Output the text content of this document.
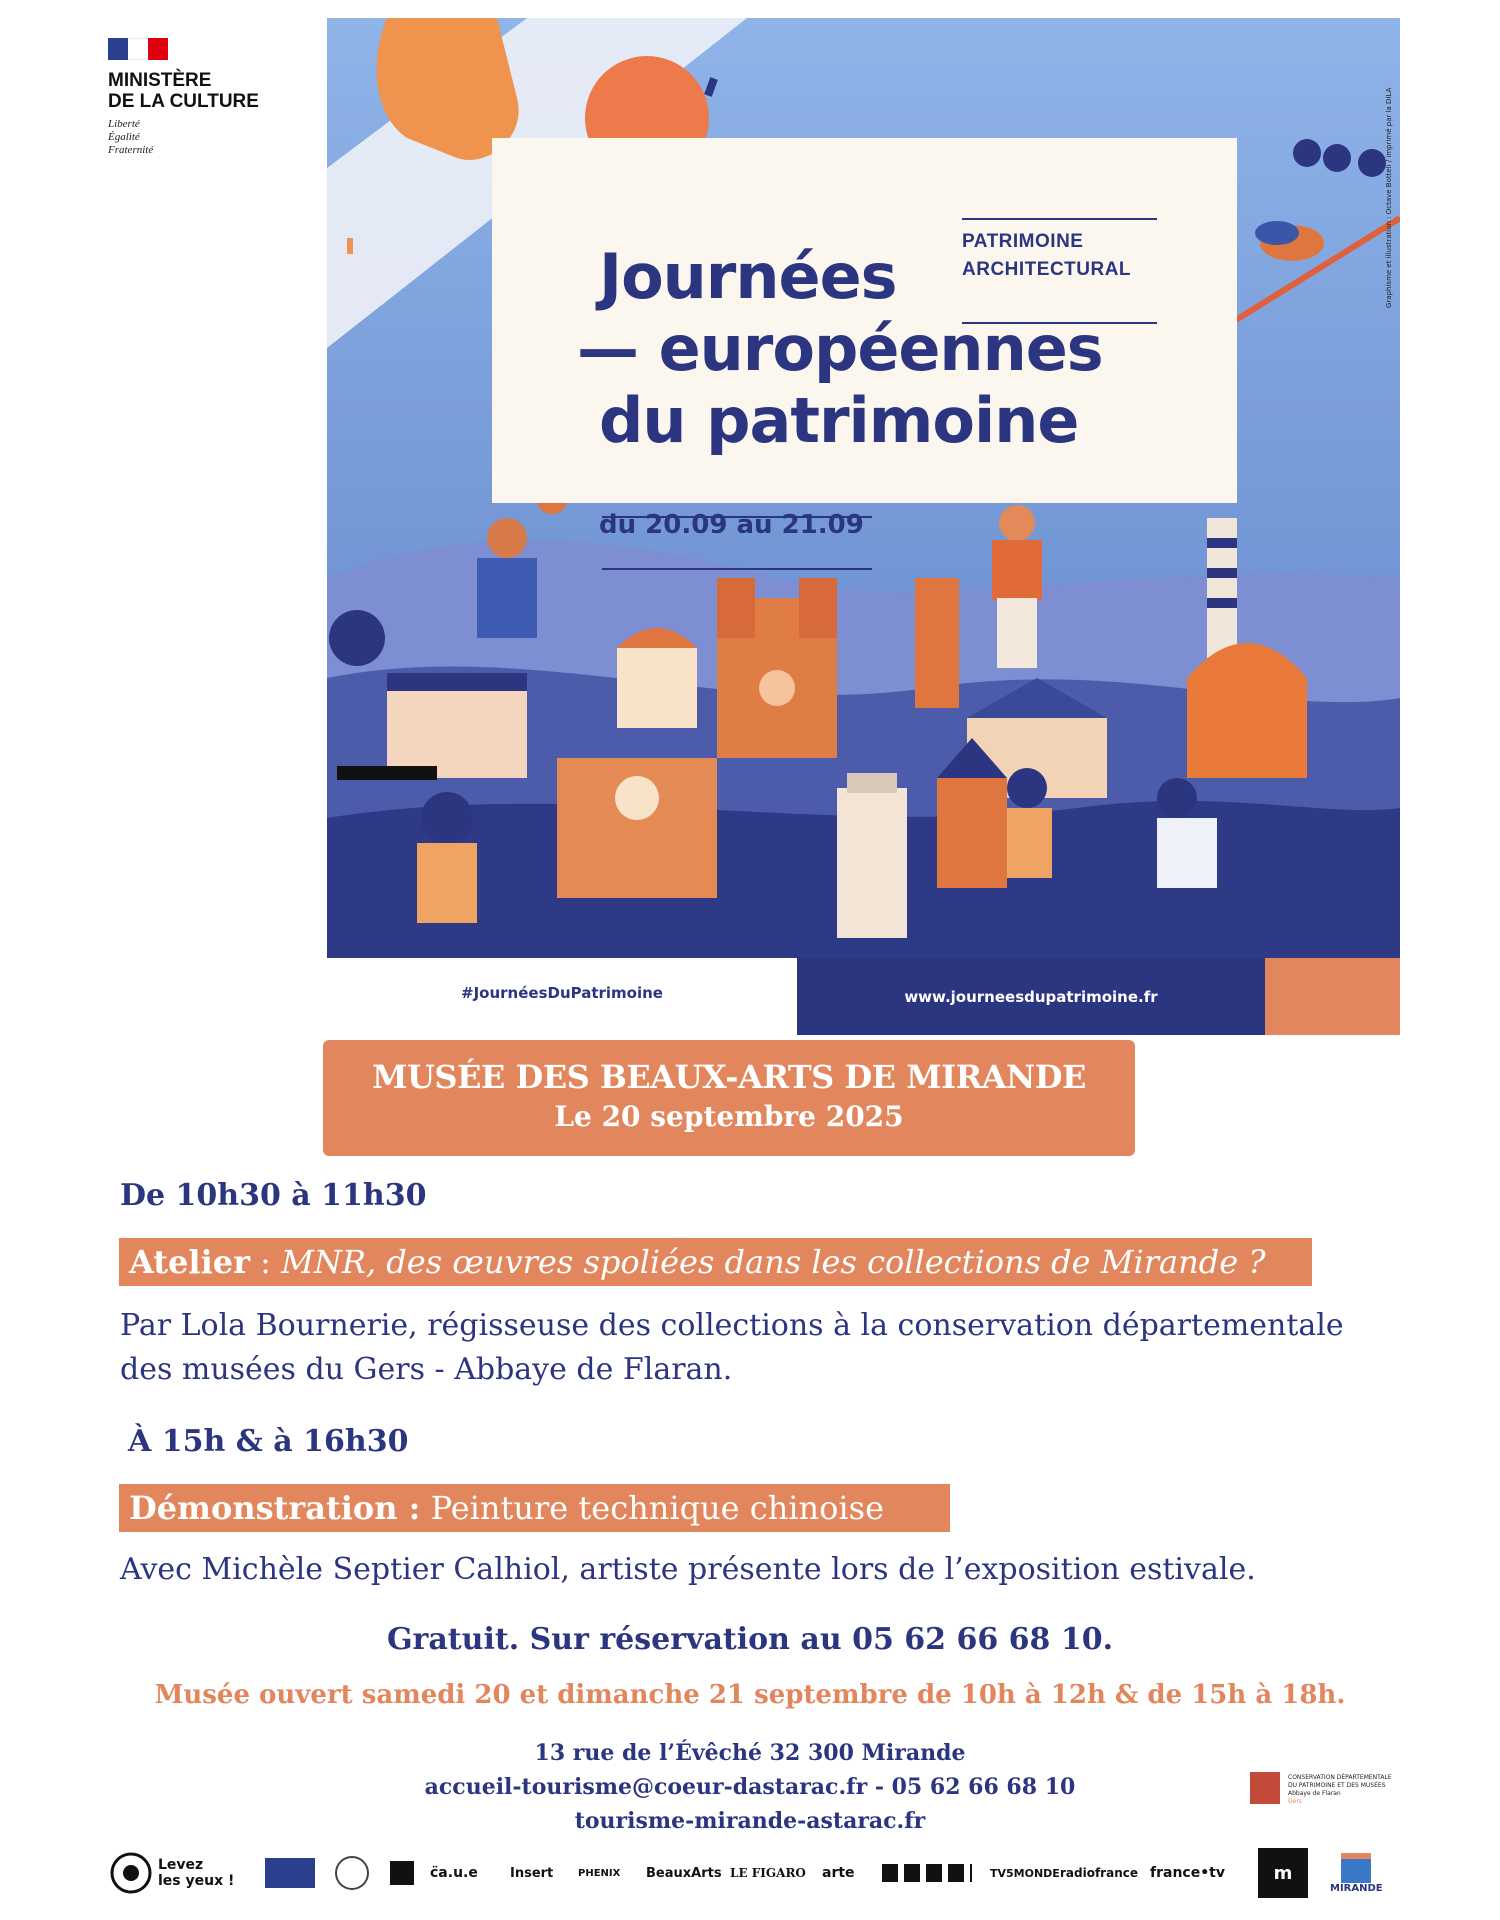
MINISTÈRE
DE LA CULTURE
Liberté
Égalité
Fraternité
PATRIMOINE
ARCHITECTURAL
Journées
— européennes
du patrimoine
du 20.09 au 21.09
Graphisme et illustration : Octave Botteli / imprimé par la DILA
#JournéesDuPatrimoine	www.journeesdupatrimoine.fr
MUSÉE DES BEAUX-ARTS DE MIRANDE
Le 20 septembre 2025
De 10h30 à 11h30
Atelier : MNR, des œuvres spoliées dans les collections de Mirande ?
Par Lola Bournerie, régisseuse des collections à la conservation départementale
des musées du Gers - Abbaye de Flaran.
À 15h & à 16h30
Démonstration : Peinture technique chinoise
Avec Michèle Septier Calhiol, artiste présente lors de l’exposition estivale.
Gratuit. Sur réservation au 05 62 66 68 10.
Musée ouvert samedi 20 et dimanche 21 septembre de 10h à 12h & de 15h à 18h.
13 rue de l’Évêché 32 300 Mirande
accueil-tourisme@coeur-dastarac.fr - 05 62 66 68 10
tourisme-mirande-astarac.fr
CONSERVATION DÉPARTEMENTALE
DU PATRIMOINE ET DES MUSÉES
Abbaye de Flaran
Gers
Levez
les yeux !	c̈a.u.e Insert PHENIX BeauxArts LE FIGARO arte	TV5MONDE radiofrance france•tv	m
MIRANDE
